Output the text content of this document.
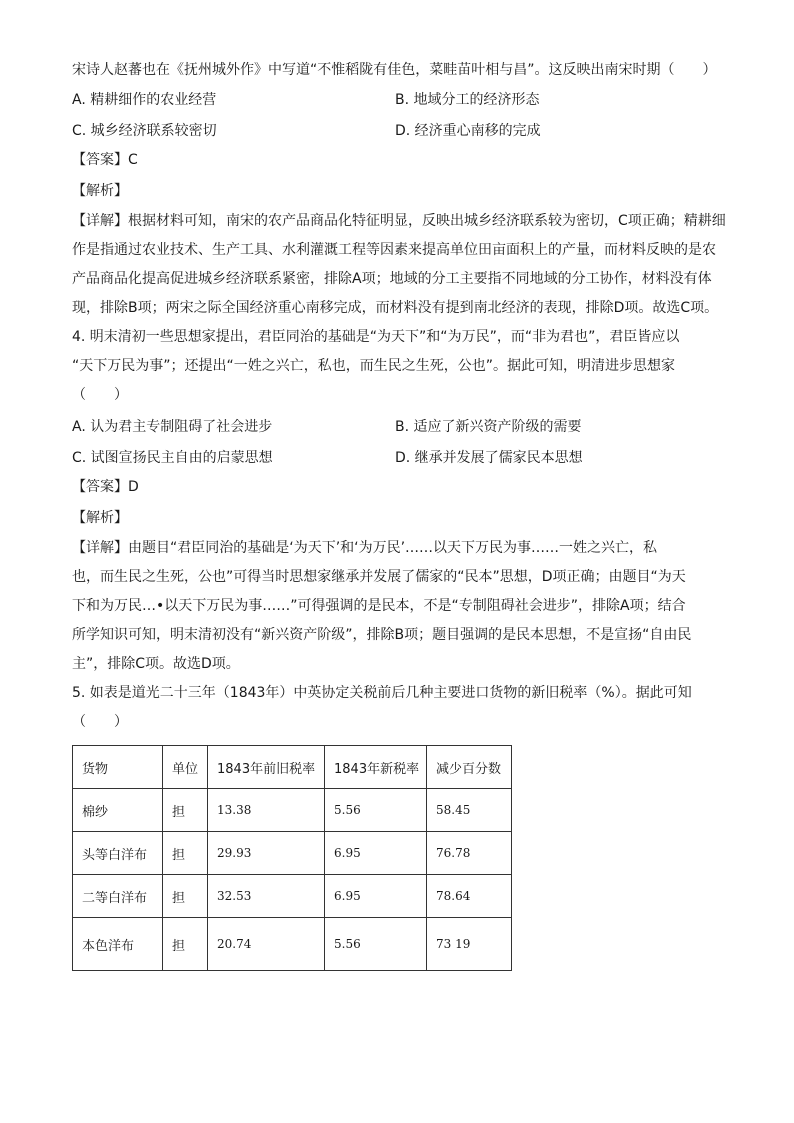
宋诗人赵蕃也在《抚州城外作》中写道“不惟稻陇有佳色，菜畦苗叶相与昌”。这反映出南宋时期（　　）

A. 精耕细作的农业经营	B. 地域分工的经济形态
C. 城乡经济联系较密切	D. 经济重心南移的完成
【答案】C
【解析】

【详解】根据材料可知，南宋的农产品商品化特征明显，反映出城乡经济联系较为密切，C项正确；精耕细

作是指通过农业技术、生产工具、水利灌溉工程等因素来提高单位田亩面积上的产量，而材料反映的是农

产品商品化提高促进城乡经济联系紧密，排除A项；地域的分工主要指不同地域的分工协作，材料没有体

现，排除B项；两宋之际全国经济重心南移完成，而材料没有提到南北经济的表现，排除D项。故选C项。

4. 明末清初一些思想家提出，君臣同治的基础是“为天下”和“为万民”，而“非为君也”，君臣皆应以

“天下万民为事”；还提出“一姓之兴亡，私也，而生民之生死，公也”。据此可知，明清进步思想家

（　　）

A. 认为君主专制阻碍了社会进步	B. 适应了新兴资产阶级的需要
C. 试图宣扬民主自由的启蒙思想	D. 继承并发展了儒家民本思想
【答案】D
【解析】

【详解】由题目“君臣同治的基础是‘为天下’和‘为万民’……以天下万民为事……一姓之兴亡，私

也，而生民之生死，公也”可得当时思想家继承并发展了儒家的“民本”思想，D项正确；由题目“为天

下和为万民…•以天下万民为事……”可得强调的是民本，不是“专制阻碍社会进步”，排除A项；结合

所学知识可知，明末清初没有“新兴资产阶级”，排除B项；题目强调的是民本思想，不是宣扬“自由民

主”，排除C项。故选D项。

5. 如表是道光二十三年（1843年）中英协定关税前后几种主要进口货物的新旧税率（%）。据此可知

（　　）

货物	单位	1843年前旧税率	1843年新税率	减少百分数
棉纱	担	13.38	5.56	58.45
头等白洋布	担	29.93	6.95	76.78
二等白洋布	担	32.53	6.95	78.64
本色洋布	担	20.74	5.56	73 19
